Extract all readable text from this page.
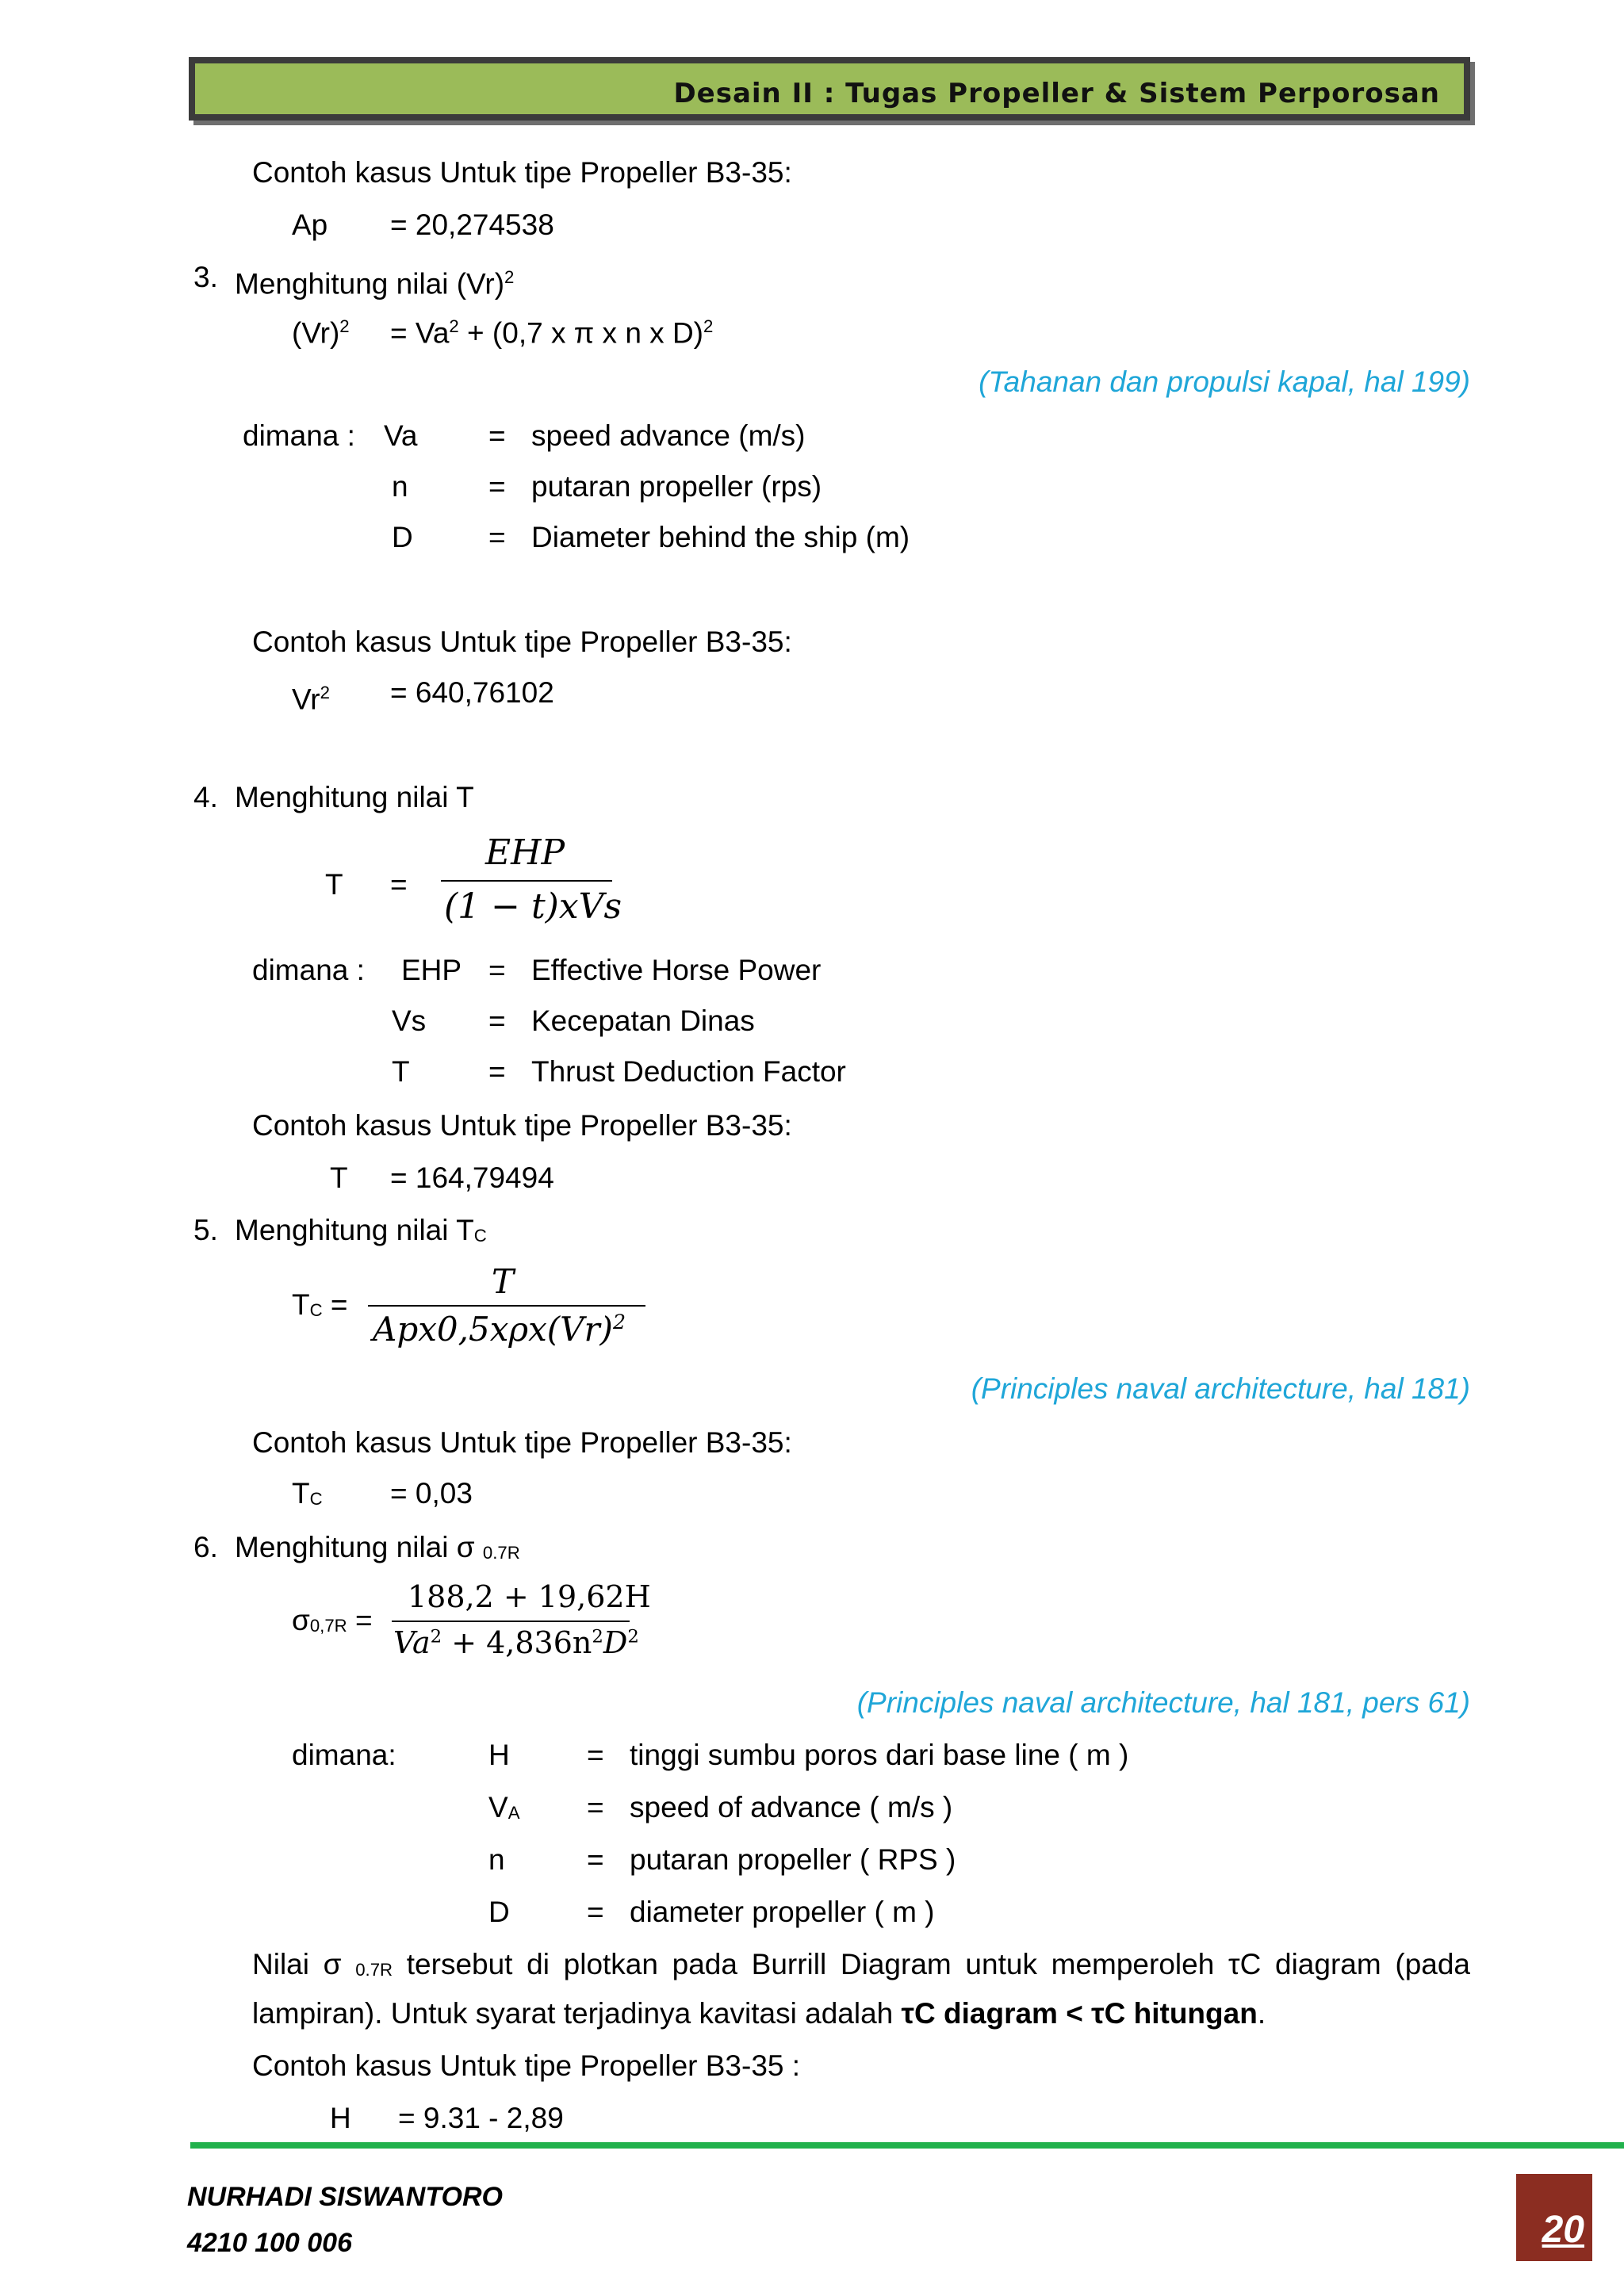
Desain II : Tugas Propeller & Sistem Perporosan
Contoh kasus Untuk tipe Propeller B3-35:
Ap = 20,274538
3. Menghitung nilai $(Vr)^2$
$(Vr)^2 = Va^2 + (0,7$ x π x n x D)$^2$
(Tahanan dan propulsi kapal, hal 199)
dimana : Va = speed advance (m/s)
n	= putaran propeller (rps)
D	= Diameter behind the ship (m)
Contoh kasus Untuk tipe Propeller B3-35:
$Vr^2 = 640,76102$
4. Menghitung nilai T
T =
EHP
(1 − t)xVs
dimana : EHP = Effective Horse Power
Vs = Kecepatan Dinas
T	= Thrust Deduction Factor
Contoh kasus Untuk tipe Propeller B3-35:
T = 164,79494
5. Menghitung nilai $T_C$
$T_C$ =
T
$Apx0,5x\rho x(Vr)^2$
(Principles naval architecture, hal 181)
Contoh kasus Untuk tipe Propeller B3-35:
$T_C = 0,03$
6. Menghitung nilai σ $_{0.7R}$
$\sigma_{0,7R}$ =
188,2 + 19,62H
$Va^2 + 4,836n^2D^2$
(Principles naval architecture, hal 181, pers 61)
dimana:	H	= tinggi sumbu poros dari base line ( m )
$V_A$ = speed of advance ( m/s )
n	= putaran propeller ( RPS )
D	= diameter propeller ( m )
Nilai σ $_{0.7R}$ tersebut di plotkan pada Burrill Diagram untuk memperoleh τC diagram (pada
lampiran). Untuk syarat terjadinya kavitasi adalah τC diagram < τC hitungan.
Contoh kasus Untuk tipe Propeller B3-35 :
H = 9.31 - 2,89
NURHADI SISWANTORO
4210 100 006	20
